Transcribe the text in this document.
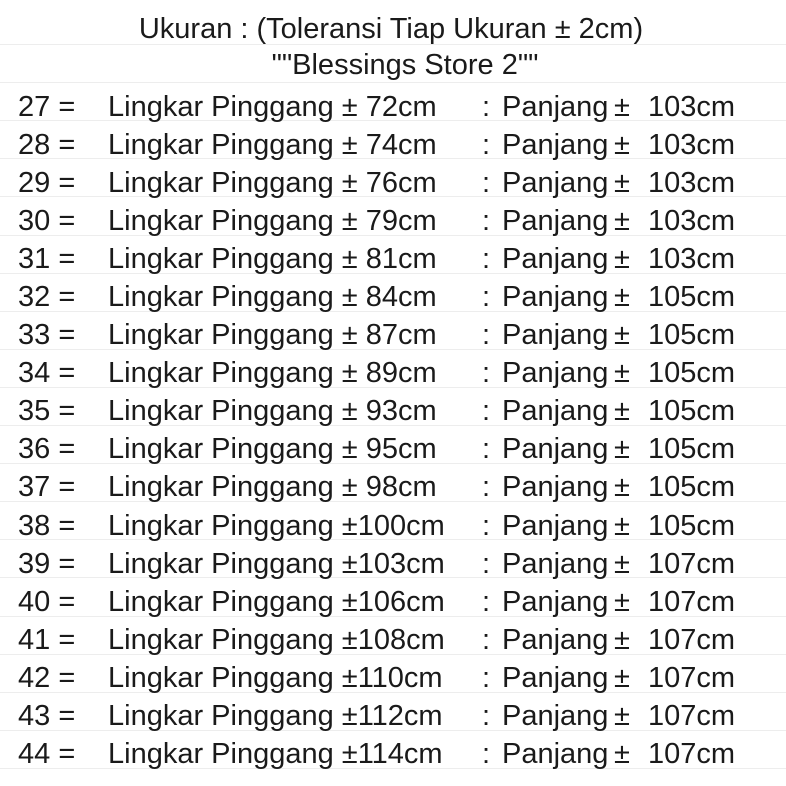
Ukuran : (Toleransi Tiap Ukuran ± 2cm)
""Blessings Store 2""
27 =	Lingkar Pinggang ± 72cm	: Panjang ± 103cm
28 =	Lingkar Pinggang ± 74cm	: Panjang ± 103cm
29 =	Lingkar Pinggang ± 76cm	: Panjang ± 103cm
30 =	Lingkar Pinggang ± 79cm	: Panjang ± 103cm
31 =	Lingkar Pinggang ± 81cm	: Panjang ± 103cm
32 =	Lingkar Pinggang ± 84cm	: Panjang ± 105cm
33 =	Lingkar Pinggang ± 87cm	: Panjang ± 105cm
34 =	Lingkar Pinggang ± 89cm	: Panjang ± 105cm
35 =	Lingkar Pinggang ± 93cm	: Panjang ± 105cm
36 =	Lingkar Pinggang ± 95cm	: Panjang ± 105cm
37 =	Lingkar Pinggang ± 98cm	: Panjang ± 105cm
38 =	Lingkar Pinggang ±100cm	: Panjang ± 105cm
39 =	Lingkar Pinggang ±103cm	: Panjang ± 107cm
40 =	Lingkar Pinggang ±106cm	: Panjang ± 107cm
41 =	Lingkar Pinggang ±108cm	: Panjang ± 107cm
42 =	Lingkar Pinggang ±110cm	: Panjang ± 107cm
43 =	Lingkar Pinggang ±112cm	: Panjang ± 107cm
44 =	Lingkar Pinggang ±114cm	: Panjang ± 107cm
